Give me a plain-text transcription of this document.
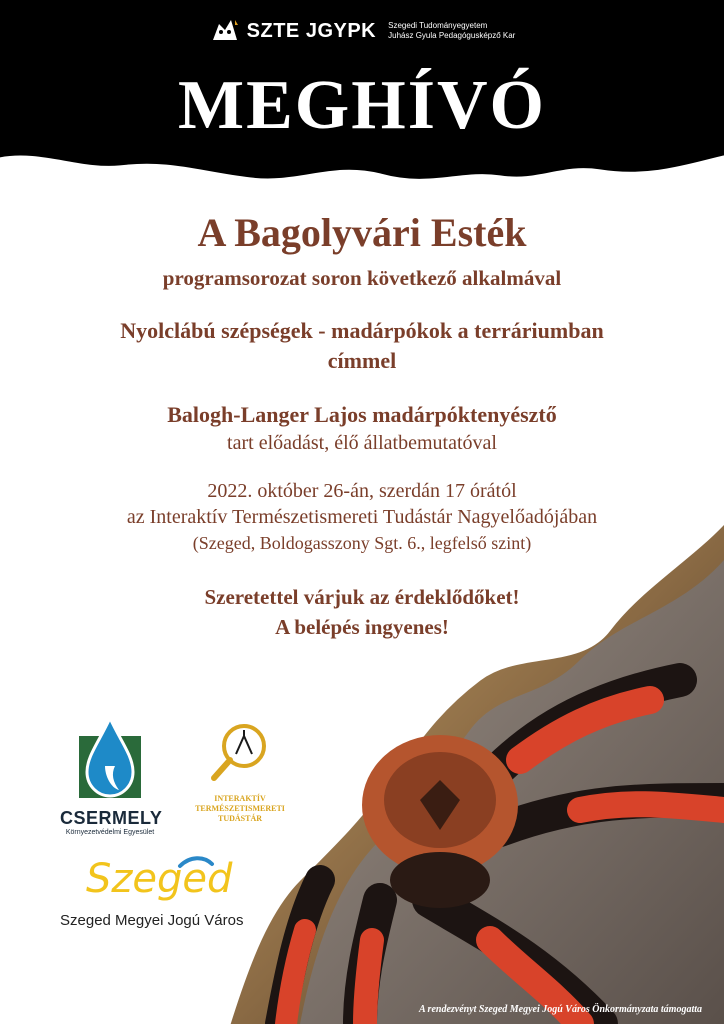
SZTE JGYPK Szegedi Tudományegyetem
Juhász Gyula Pedagógusképző Kar
MEGHÍVÓ

A Bagolyvári Esték

programsorozat soron következő alkalmával

Nyolclábú szépségek - madárpókok a terráriumban

címmel

Balogh-Langer Lajos madárpóktenyésztő

tart előadást, élő állatbemutatóval

2022. október 26-án, szerdán 17 órától

az Interaktív Természetismereti Tudástár Nagyelőadójában

(Szeged, Boldogasszony Sgt. 6., legfelső szint)

Szeretettel várjuk az érdeklődőket!

A belépés ingyenes!

CSERMELY
Környezetvédelmi Egyesület
INTERAKTÍV
TERMÉSZETISMERETI
TUDÁSTÁR
Szeged
Szeged Megyei Jogú Város
A rendezvényt Szeged Megyei Jogú Város Önkormányzata támogatta
